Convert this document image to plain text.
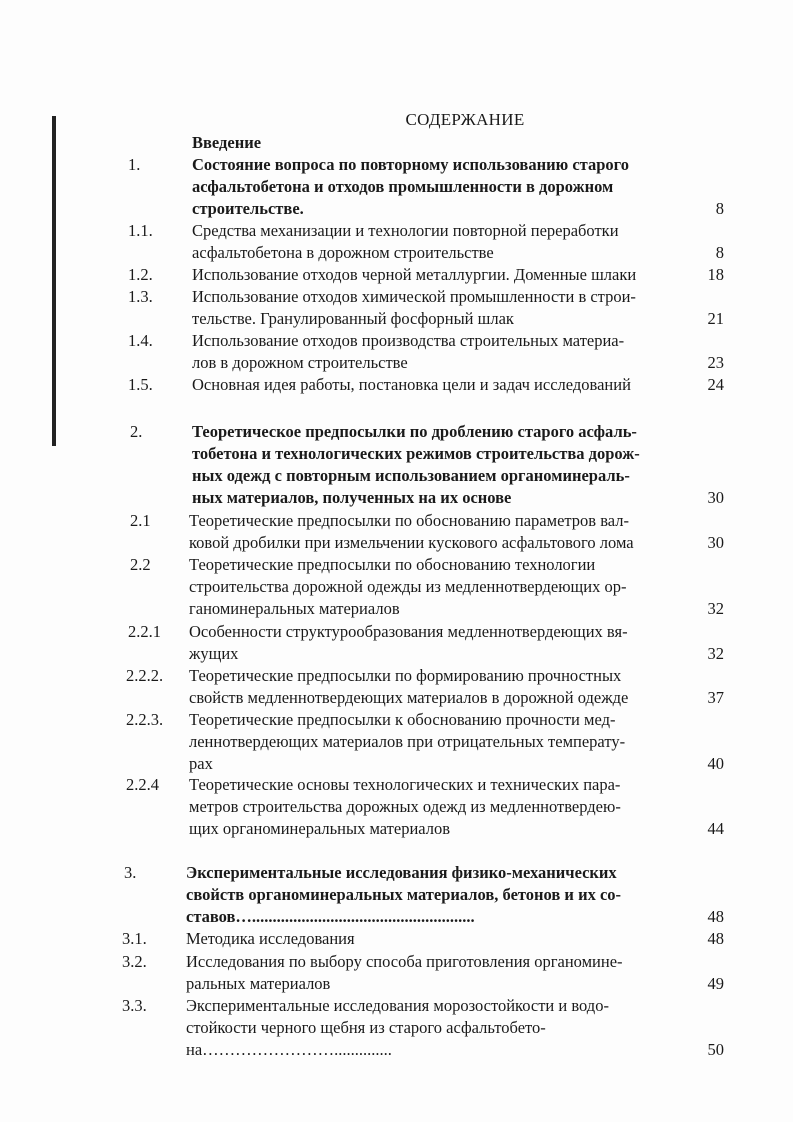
СОДЕРЖАНИЕ
Введение
1.	Состояние вопроса по повторному использованию старого
асфальтобетона и отходов промышленности в дорожном
строительстве.	8
1.1. Средства механизации и технологии повторной переработки
асфальтобетона в дорожном строительстве	8
1.2. Использование отходов черной металлургии. Доменные шлаки	18
1.3. Использование отходов химической промышленности в строи-
тельстве. Гранулированный фосфорный шлак	21
1.4. Использование отходов производства строительных материа-
лов в дорожном строительстве	23
1.5. Основная идея работы, постановка цели и задач исследований	24
2.	Теоретическое предпосылки по дроблению старого асфаль-
тобетона и технологических режимов строительства дорож-
ных одежд с повторным использованием органоминераль-
ных материалов, полученных на их основе	30
2.1 Теоретические предпосылки по обоснованию параметров вал-
ковой дробилки при измельчении кускового асфальтового лома	30
2.2 Теоретические предпосылки по обоснованию технологии
строительства дорожной одежды из медленнотвердеющих ор-
ганоминеральных материалов	32
2.2.1 Особенности структурообразования медленнотвердеющих вя-
жущих	32
2.2.2. Теоретические предпосылки по формированию прочностных
свойств медленнотвердеющих материалов в дорожной одежде	37
2.2.3. Теоретические предпосылки к обоснованию прочности мед-
леннотвердеющих материалов при отрицательных температу-
рах	40
2.2.4 Теоретические основы технологических и технических пара-
метров строительства дорожных одежд из медленнотвердею-
щих органоминеральных материалов	44
3.	Экспериментальные исследования физико-механических
свойств органоминеральных материалов, бетонов и их со-
ставов…......................................................	48
3.1. Методика исследования	48
3.2. Исследования по выбору способа приготовления органомине-
ральных материалов	49
3.3. Экспериментальные исследования морозостойкости и водо-
стойкости черного щебня из старого асфальтобето-
на……………………..............	50
